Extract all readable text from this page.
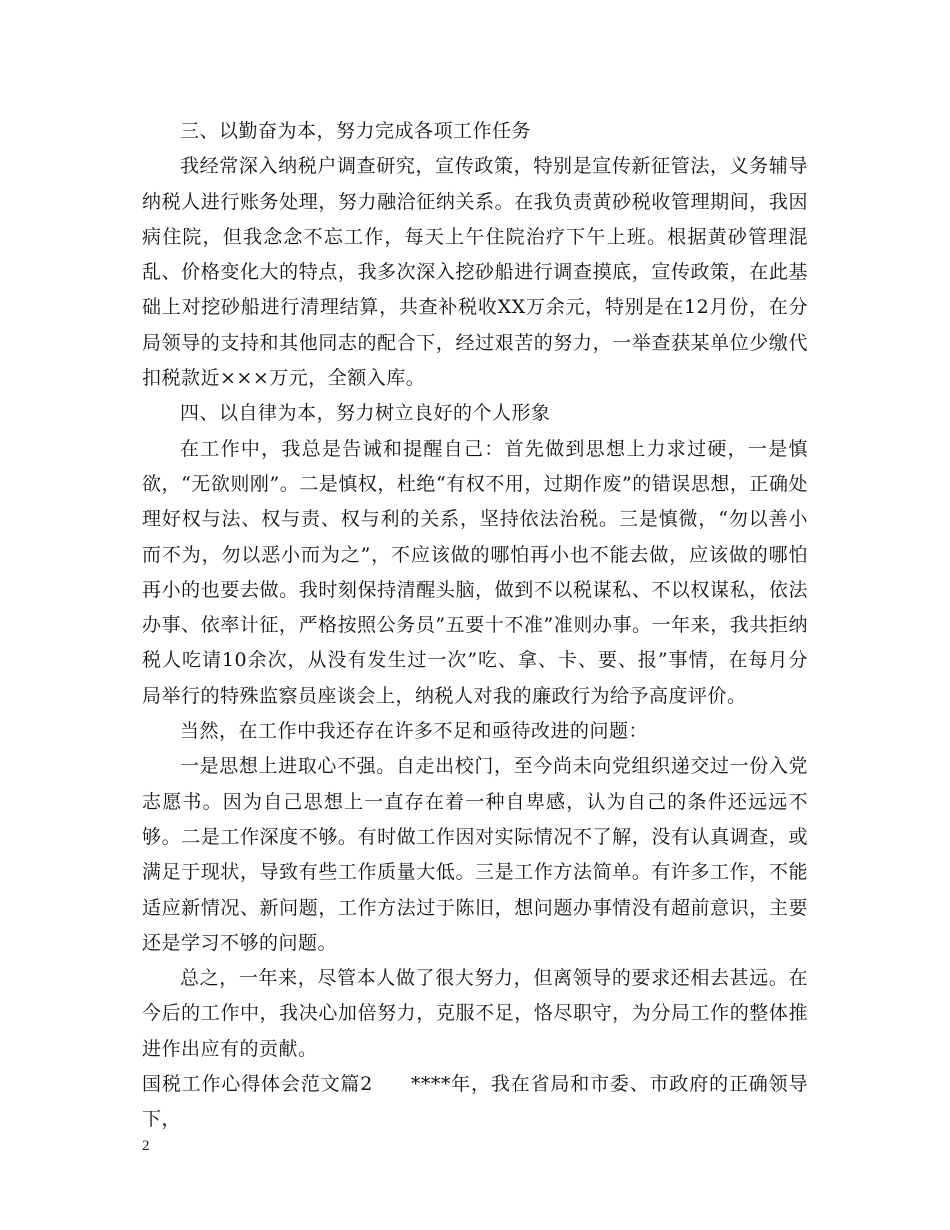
三、以勤奋为本，努力完成各项工作任务

我经常深入纳税户调查研究，宣传政策，特别是宣传新征管法，义务辅导纳税人进行账务处理，努力融洽征纳关系。在我负责黄砂税收管理期间，我因病住院，但我念念不忘工作，每天上午住院治疗下午上班。根据黄砂管理混乱、价格变化大的特点，我多次深入挖砂船进行调查摸底，宣传政策，在此基础上对挖砂船进行清理结算，共查补税收XX万余元，特别是在12月份，在分局领导的支持和其他同志的配合下，经过艰苦的努力，一举查获某单位少缴代扣税款近×××万元，全额入库。

四、以自律为本，努力树立良好的个人形象

在工作中，我总是告诫和提醒自己：首先做到思想上力求过硬，一是慎欲，“无欲则刚”。二是慎权，杜绝“有权不用，过期作废”的错误思想，正确处理好权与法、权与责、权与利的关系，坚持依法治税。三是慎微，“勿以善小而不为，勿以恶小而为之”，不应该做的哪怕再小也不能去做，应该做的哪怕再小的也要去做。我时刻保持清醒头脑，做到不以税谋私、不以权谋私，依法办事、依率计征，严格按照公务员”五要十不准”准则办事。一年来，我共拒纳税人吃请10余次，从没有发生过一次”吃、拿、卡、要、报”事情，在每月分局举行的特殊监察员座谈会上，纳税人对我的廉政行为给予高度评价。

当然，在工作中我还存在许多不足和亟待改进的问题：

一是思想上进取心不强。自走出校门，至今尚未向党组织递交过一份入党志愿书。因为自己思想上一直存在着一种自卑感，认为自己的条件还远远不够。二是工作深度不够。有时做工作因对实际情况不了解，没有认真调查，或满足于现状，导致有些工作质量大低。三是工作方法简单。有许多工作，不能适应新情况、新问题，工作方法过于陈旧，想问题办事情没有超前意识，主要还是学习不够的问题。

总之，一年来，尽管本人做了很大努力，但离领导的要求还相去甚远。在今后的工作中，我决心加倍努力，克服不足，恪尽职守，为分局工作的整体推进作出应有的贡献。

国税工作心得体会范文篇2 ****年，我在省局和市委、市政府的正确领导下，

2
